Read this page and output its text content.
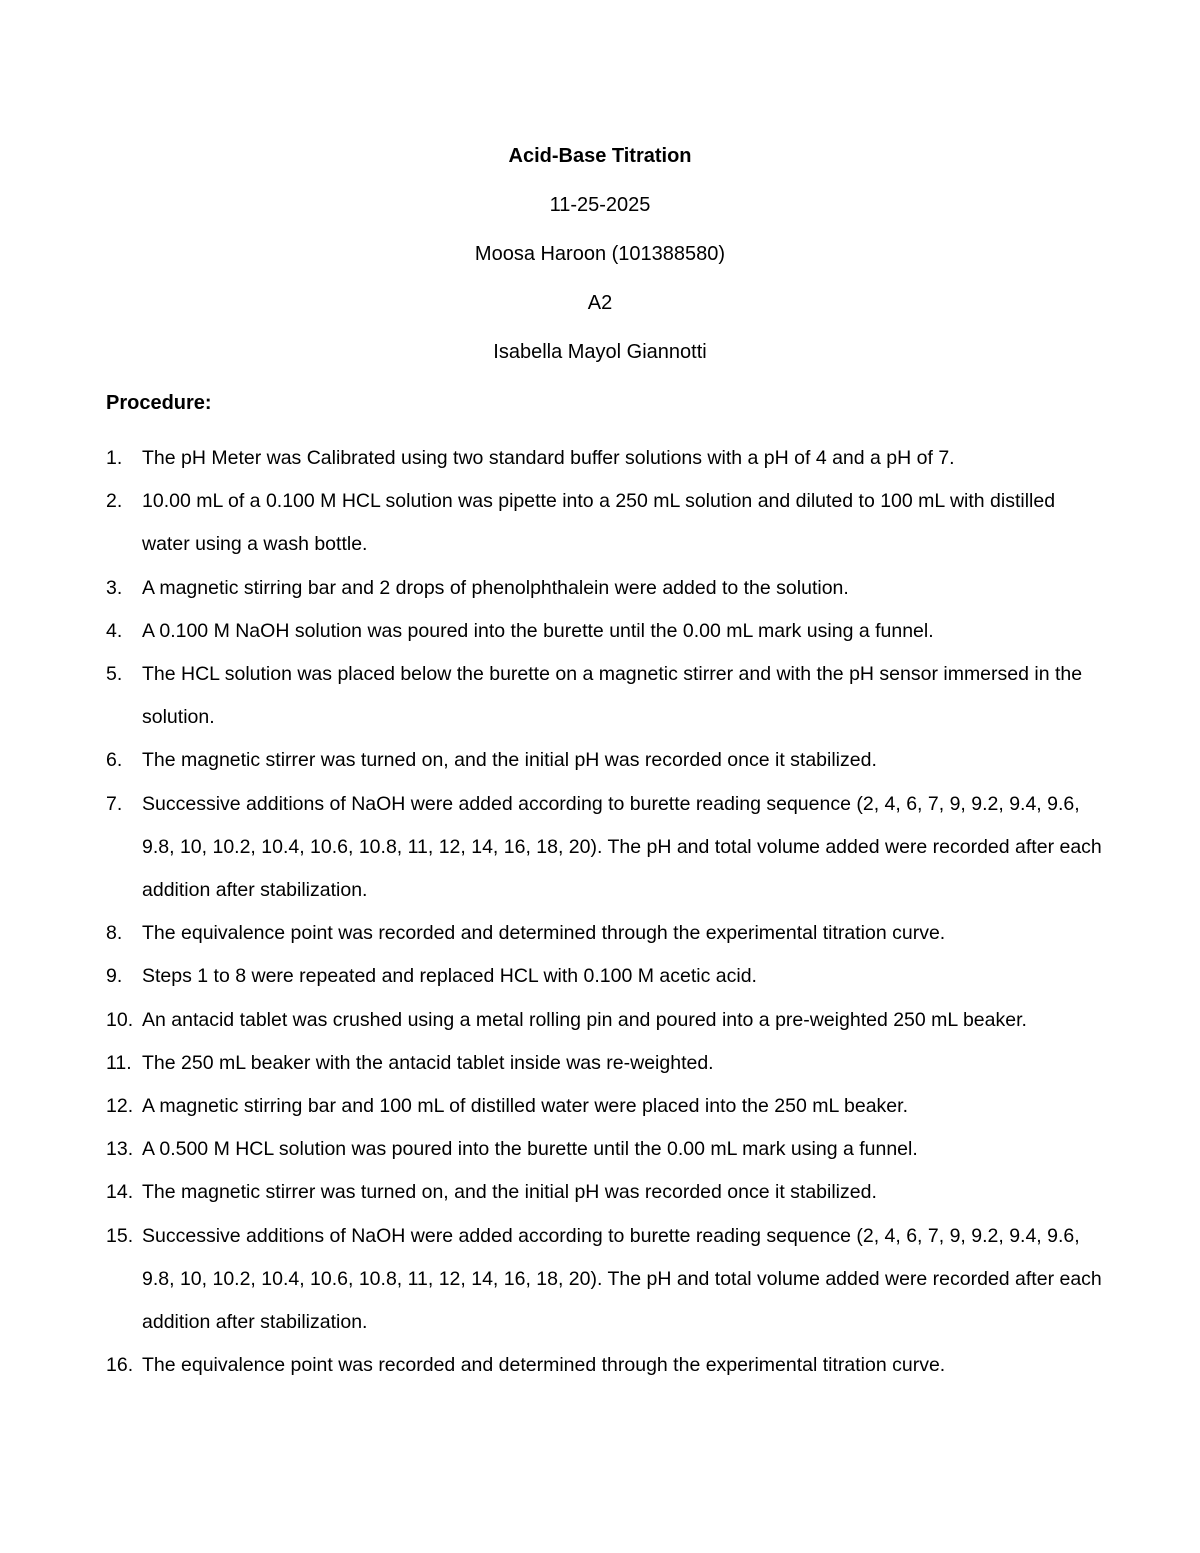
Acid-Base Titration

11-25-2025

Moosa Haroon (101388580)

A2

Isabella Mayol Giannotti

Procedure:

1.	The pH Meter was Calibrated using two standard buffer solutions with a pH of 4 and a pH of 7.
2.	10.00 mL of a 0.100 M HCL solution was pipette into a 250 mL solution and diluted to 100 mL with distilled water using a wash bottle.
3.	A magnetic stirring bar and 2 drops of phenolphthalein were added to the solution.
4.	A 0.100 M NaOH solution was poured into the burette until the 0.00 mL mark using a funnel.
5.	The HCL solution was placed below the burette on a magnetic stirrer and with the pH sensor immersed in the solution.
6.	The magnetic stirrer was turned on, and the initial pH was recorded once it stabilized.
7.	Successive additions of NaOH were added according to burette reading sequence (2, 4, 6, 7, 9, 9.2, 9.4, 9.6, 9.8, 10, 10.2, 10.4, 10.6, 10.8, 11, 12, 14, 16, 18, 20). The pH and total volume added were recorded after each addition after stabilization.
8.	The equivalence point was recorded and determined through the experimental titration curve.
9.	Steps 1 to 8 were repeated and replaced HCL with 0.100 M acetic acid.
10. An antacid tablet was crushed using a metal rolling pin and poured into a pre-weighted 250 mL beaker.
11. The 250 mL beaker with the antacid tablet inside was re-weighted.
12. A magnetic stirring bar and 100 mL of distilled water were placed into the 250 mL beaker.
13. A 0.500 M HCL solution was poured into the burette until the 0.00 mL mark using a funnel.
14. The magnetic stirrer was turned on, and the initial pH was recorded once it stabilized.
15. Successive additions of NaOH were added according to burette reading sequence (2, 4, 6, 7, 9, 9.2, 9.4, 9.6, 9.8, 10, 10.2, 10.4, 10.6, 10.8, 11, 12, 14, 16, 18, 20). The pH and total volume added were recorded after each addition after stabilization.
16. The equivalence point was recorded and determined through the experimental titration curve.
